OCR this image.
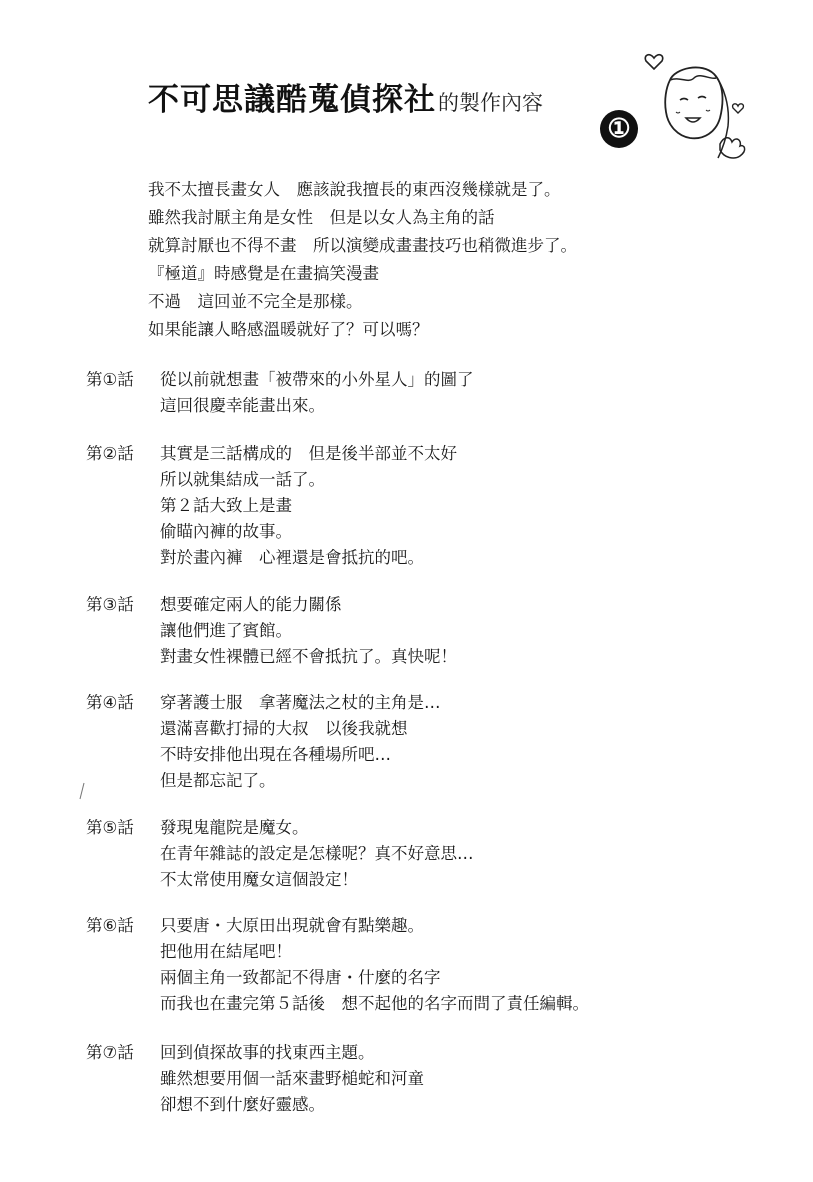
不可思議酷蒐偵探社的製作內容
①
我不太擅長畫女人　應該說我擅長的東西沒幾樣就是了。
雖然我討厭主角是女性　但是以女人為主角的話
就算討厭也不得不畫　所以演變成畫畫技巧也稍微進步了。
『極道』時感覺是在畫搞笑漫畫
不過　這回並不完全是那樣。
如果能讓人略感溫暖就好了？可以嗎？
第①話 從以前就想畫「被帶來的小外星人」的圖了
這回很慶幸能畫出來。
第②話 其實是三話構成的　但是後半部並不太好
所以就集結成一話了。
第２話大致上是畫
偷瞄內褲的故事。
對於畫內褲　心裡還是會抵抗的吧。
第③話 想要確定兩人的能力關係
讓他們進了賓館。
對畫女性裸體已經不會抵抗了。真快呢！
第④話 穿著護士服　拿著魔法之杖的主角是…
還滿喜歡打掃的大叔　以後我就想
不時安排他出現在各種場所吧…
但是都忘記了。
第⑤話 發現鬼龍院是魔女。
在青年雜誌的設定是怎樣呢？真不好意思…
不太常使用魔女這個設定！
第⑥話 只要唐・大原田出現就會有點樂趣。
把他用在結尾吧！
兩個主角一致都記不得唐・什麼的名字
而我也在畫完第５話後　想不起他的名字而問了責任編輯。
第⑦話 回到偵探故事的找東西主題。
雖然想要用個一話來畫野槌蛇和河童
卻想不到什麼好靈感。
